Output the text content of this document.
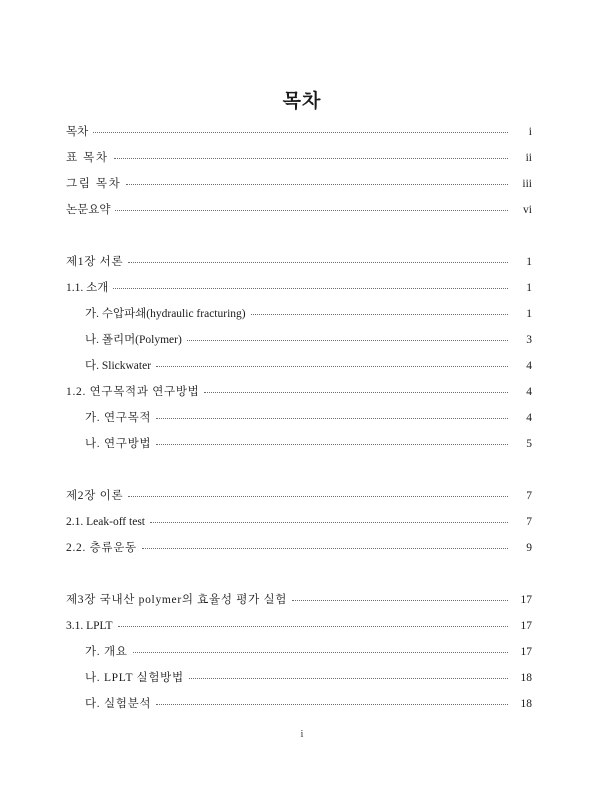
목차
목차	i
표 목차	ii
그림 목차	iii
논문요약	vi
제1장 서론	1
1.1. 소개	1
가. 수압파쇄(hydraulic fracturing)	1
나. 폴리머(Polymer)	3
다. Slickwater	4
1.2. 연구목적과 연구방법	4
가. 연구목적	4
나. 연구방법	5
제2장 이론	7
2.1. Leak-off test	7
2.2. 층류운동	9
제3장 국내산 polymer의 효율성 평가 실험	17
3.1. LPLT	17
가. 개요	17
나. LPLT 실험방법	18
다. 실험분석	18
i
